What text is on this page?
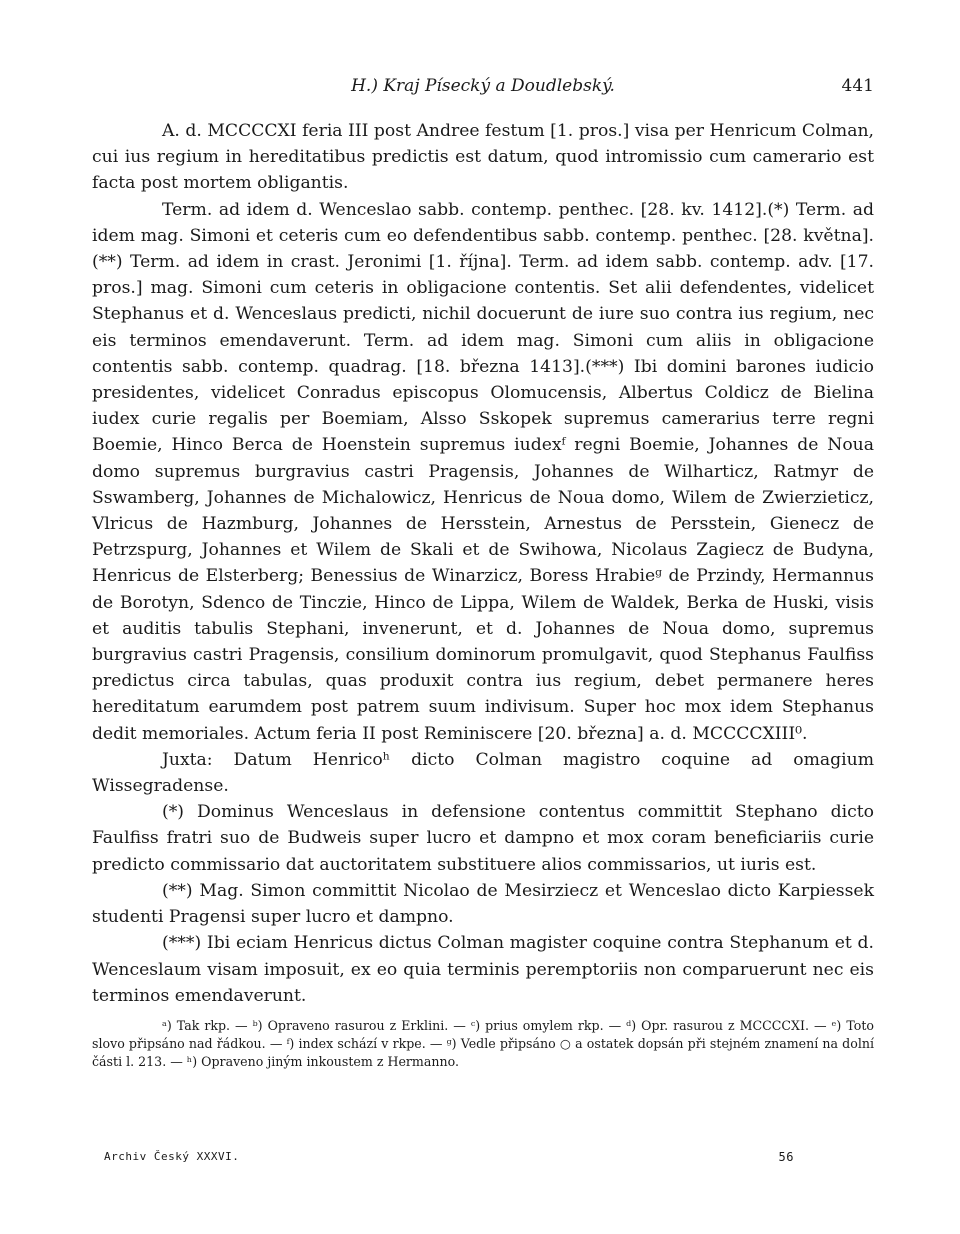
H.) Kraj Písecký a Doudlebský.	441

A. d. MCCCCXI feria III post Andree festum [1. pros.] visa per Henricum Colman, cui ius regium in hereditatibus predictis est datum, quod intromissio cum camerario est facta post mortem obligantis.

Term. ad idem d. Wenceslao sabb. contemp. penthec. [28. kv. 1412].(*) Term. ad idem mag. Simoni et ceteris cum eo defendentibus sabb. contemp. penthec. [28. května].(**) Term. ad idem in crast. Jeronimi [1. října]. Term. ad idem sabb. contemp. adv. [17. pros.] mag. Simoni cum ceteris in obligacione contentis. Set alii defendentes, videlicet Stephanus et d. Wenceslaus predicti, nichil docuerunt de iure suo contra ius regium, nec eis terminos emendaverunt. Term. ad idem mag. Simoni cum aliis in obligacione contentis sabb. contemp. quadrag. [18. března 1413].(***) Ibi domini barones iudicio presidentes, videlicet Conradus episcopus Olomucensis, Albertus Coldicz de Bielina iudex curie regalis per Boemiam, Alsso Sskopek supremus camerarius terre regni Boemie, Hinco Berca de Hoenstein supremus iudexᶠ regni Boemie, Johannes de Noua domo supremus burgravius castri Pragensis, Johannes de Wilharticz, Ratmyr de Sswamberg, Johannes de Michalowicz, Henricus de Noua domo, Wilem de Zwierzieticz, Vlricus de Hazmburg, Johannes de Hersstein, Arnestus de Persstein, Gienecz de Petrzspurg, Johannes et Wilem de Skali et de Swihowa, Nicolaus Zagiecz de Budyna, Henricus de Elsterberg; Benessius de Winarzicz, Boress Hrabieᵍ de Przindy, Hermannus de Borotyn, Sdenco de Tinczie, Hinco de Lippa, Wilem de Waldek, Berka de Huski, visis et auditis tabulis Stephani, invenerunt, et d. Johannes de Noua domo, supremus burgravius castri Pragensis, consilium dominorum promulgavit, quod Stephanus Faulfiss predictus circa tabulas, quas produxit contra ius regium, debet permanere heres hereditatum earumdem post patrem suum indivisum. Super hoc mox idem Stephanus dedit memoriales. Actum feria II post Reminiscere [20. března] a. d. MCCCCXIII⁰.

Juxta: Datum Henricoʰ dicto Colman magistro coquine ad omagium Wissegradense.

(*) Dominus Wenceslaus in defensione contentus committit Stephano dicto Faulfiss fratri suo de Budweis super lucro et dampno et mox coram beneficiariis curie predicto commissario dat auctoritatem substituere alios commissarios, ut iuris est.

(**) Mag. Simon committit Nicolao de Mesirziecz et Wenceslao dicto Karpiessek studenti Pragensi super lucro et dampno.

(***) Ibi eciam Henricus dictus Colman magister coquine contra Stephanum et d. Wenceslaum visam imposuit, ex eo quia terminis peremptoriis non comparuerunt nec eis terminos emendaverunt.

ᵃ) Tak rkp. — ᵇ) Opraveno rasurou z Erklini. — ᶜ) prius omylem rkp. — ᵈ) Opr. rasurou z MCCCCXI. — ᵉ) Toto slovo připsáno nad řádkou. — ᶠ) index schází v rkpe. — ᵍ) Vedle připsáno ○ a ostatek dopsán při stejném znamení na dolní části l. 213. — ʰ) Opraveno jiným inkoustem z Hermanno.

Archiv Český XXXVI.	56
